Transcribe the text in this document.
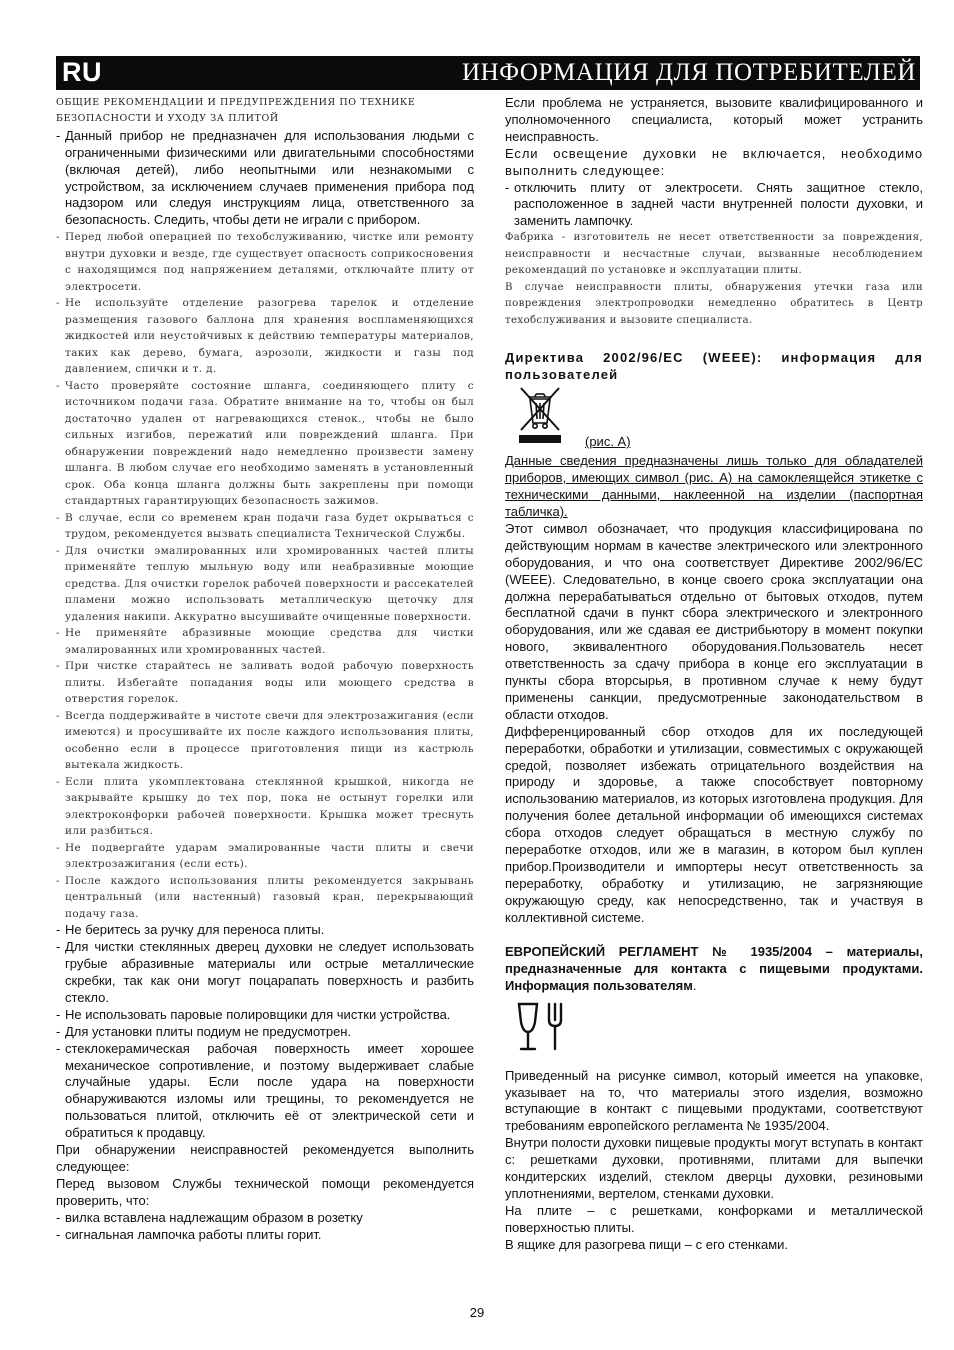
RU	ИНФОРМАЦИЯ ДЛЯ ПОТРЕБИТЕЛЕЙ

ОБЩИЕ РЕКОМЕНДАЦИИ И ПРЕДУПРЕЖДЕНИЯ ПО ТЕХНИКЕ БЕЗОПАСНОСТИ И УХОДУ ЗА ПЛИТОЙ

- Данный прибор не предназначен для использования людьми с ограниченными физическими или двигательными способностями (включая детей), либо неопытными или незнакомыми с устройством, за исключением случаев применения прибора под надзором или следуя инструкциям лица, ответственного за безопасность. Следить, чтобы дети не играли с прибором.
- Перед любой операцией по техобслуживанию, чистке или ремонту внутри духовки и везде, где существует опасность соприкосновения с находящимся под напряжением деталями, отключайте плиту от электросети.
- Не используйте отделение разогрева тарелок и отделение размещения газового баллона для хранения воспламеняющихся жидкостей или неустойчивых к действию температуры материалов, таких как дерево, бумага, аэрозоли, жидкости и газы под давлением, спички и т. д.
- Часто проверяйте состояние шланга, соединяющего плиту с источником подачи газа. Обратите внимание на то, чтобы он был достаточно удален от нагревающихся стенок., чтобы не было сильных изгибов, пережатий или повреждений шланга. При обнаружении повреждений надо немедленно произвести замену шланга. В любом случае его необходимо заменять в установленный срок. Оба конца шланга должны быть закреплены при помощи стандартных гарантирующих безопасность зажимов.
- В случае, если со временем кран подачи газа будет окрываться с трудом, рекомендуется вызвать специалиста Технической Службы.
- Для очистки эмалированных или хромированных частей плиты применяйте теплую мыльную воду или неабразивные моющие средства. Для очистки горелок рабочей поверхности и рассекателей пламени можно использовать металлическую щеточку для удаления накипи. Аккуратно высушивайте очищенные поверхности.
- Не применяйте абразивные моющие средства для чистки эмалированных или хромированных частей.
- При чистке старайтесь не заливать водой рабочую поверхность плиты. Избегайте попадания воды или моющего средства в отверстия горелок.
- Всегда поддерживайте в чистоте свечи для электрозажигания (если имеются) и просушивайте их после каждого использования плиты, особенно если в процессе приготовления пищи из кастрюль вытекала жидкость.
- Если плита укомплектована стеклянной крышкой, никогда не закрывайте крышку до тех пор, пока не остынут горелки или электроконфорки рабочей поверхности. Крышка может треснуть или разбиться.
- Не подвергайте ударам эмалированные части плиты и свечи электрозажигания (если есть).
- После каждого использования плиты рекомендуется закрывань центральный (или настенный) газовый кран, перекрывающий подачу газа.
- Не беритесь за ручку для переноса плиты.
- Для чистки стеклянных дверец духовки не следует использовать грубые абразивные материалы или острые металлические скребки, так как они могут поцарапать поверхность и разбить стекло.
- Не использовать паровые полировщики для чистки устройства.
- Для установки плиты подиум не предусмотрен.
- стеклокерамическая рабочая поверхность имеет хорошее механическое сопротивление, и поэтому выдерживает слабые случайные удары. Если после удара на поверхности обнаруживаются изломы или трещины, то рекомендуется не пользоваться плитой, отключить её от электрической сети и обратиться к продавцу.

При обнаружении неисправностей рекомендуется выполнить следующее:

Перед вызовом Службы технической помощи рекомендуется проверить, что:

- вилка вставлена надлежащим образом в розетку
- сигнальная лампочка работы плиты горит.

Если проблема не устраняется, вызовите квалифицированного и уполномоченного специалиста, который может устранить неисправность.

Если освещение духовки не включается, необходимо выполнить следующее:

- отключить плиту от электросети. Снять защитное стекло, расположенное в задней части внутренней полости духовки, и заменить лампочку.

Фабрика - изготовитель не несет ответственности за повреждения, неисправности и несчастные случаи, вызванные несоблюдением рекомендаций по установке и эксплуатации плиты.

В случае неисправности плиты, обнаружения утечки газа или повреждения электропроводки немедленно обратитесь в Центр техобслуживания и вызовите специалиста.

Директива 2002/96/EC (WEEE): информация для пользователей

(рис. A)

Данные сведения предназначены лишь только для обладателей приборов, имеющих символ (рис. A) на самоклеящейся этикетке с техническими данными, наклеенной на изделии (паспортная табличка).

Этот символ обозначает, что продукция классифицирована по действующим нормам в качестве электрического или электронного оборудования, и что она соответствует Директиве 2002/96/EC (WEEE). Следовательно, в конце своего срока эксплуатации она должна перерабатываться отдельно от бытовых отходов, путем бесплатной сдачи в пункт сбора электрического и электронного оборудования, или же сдавая ее дистрибьютору в момент покупки нового, эквивалентного оборудования.Пользователь несет ответственность за сдачу прибора в конце его эксплуатации в пункты сбора вторсырья, в противном случае к нему будут применены санкции, предусмотренные законодательством в области отходов.

Дифференцированный сбор отходов для их последующей переработки, обработки и утилизации, совместимых с окружающей средой, позволяет избежать отрицательного воздействия на природу и здоровье, а также способствует повторному использованию материалов, из которых изготовлена продукция. Для получения более детальной информации об имеющихся системах сбора отходов следует обращаться в местную службу по переработке отходов, или же в магазин, в котором был куплен прибор.Производители и импортеры несут ответственность за переработку, обработку и утилизацию, не загрязняющие окружающую среду, как непосредственно, так и участвуя в коллективной системе.

ЕВРОПЕЙСКИЙ РЕГЛАМЕНТ № 1935/2004 – материалы, предназначенные для контакта с пищевыми продуктами. Информация пользователям.

Приведенный на рисунке символ, который имеется на упаковке, указывает на то, что материалы этого изделия, возможно вступающие в контакт с пищевыми продуктами, соответствуют требованиям европейского регламента № 1935/2004.

Внутри полости духовки пищевые продукты могут вступать в контакт с: решетками духовки, противнями, плитами для выпечки кондитерских изделий, стеклом дверцы духовки, резиновыми уплотнениями, вертелом, стенками духовки.

На плите – с решетками, конфорками и металлической поверхностью плиты.

В ящике для разогрева пищи – с его стенками.

29
